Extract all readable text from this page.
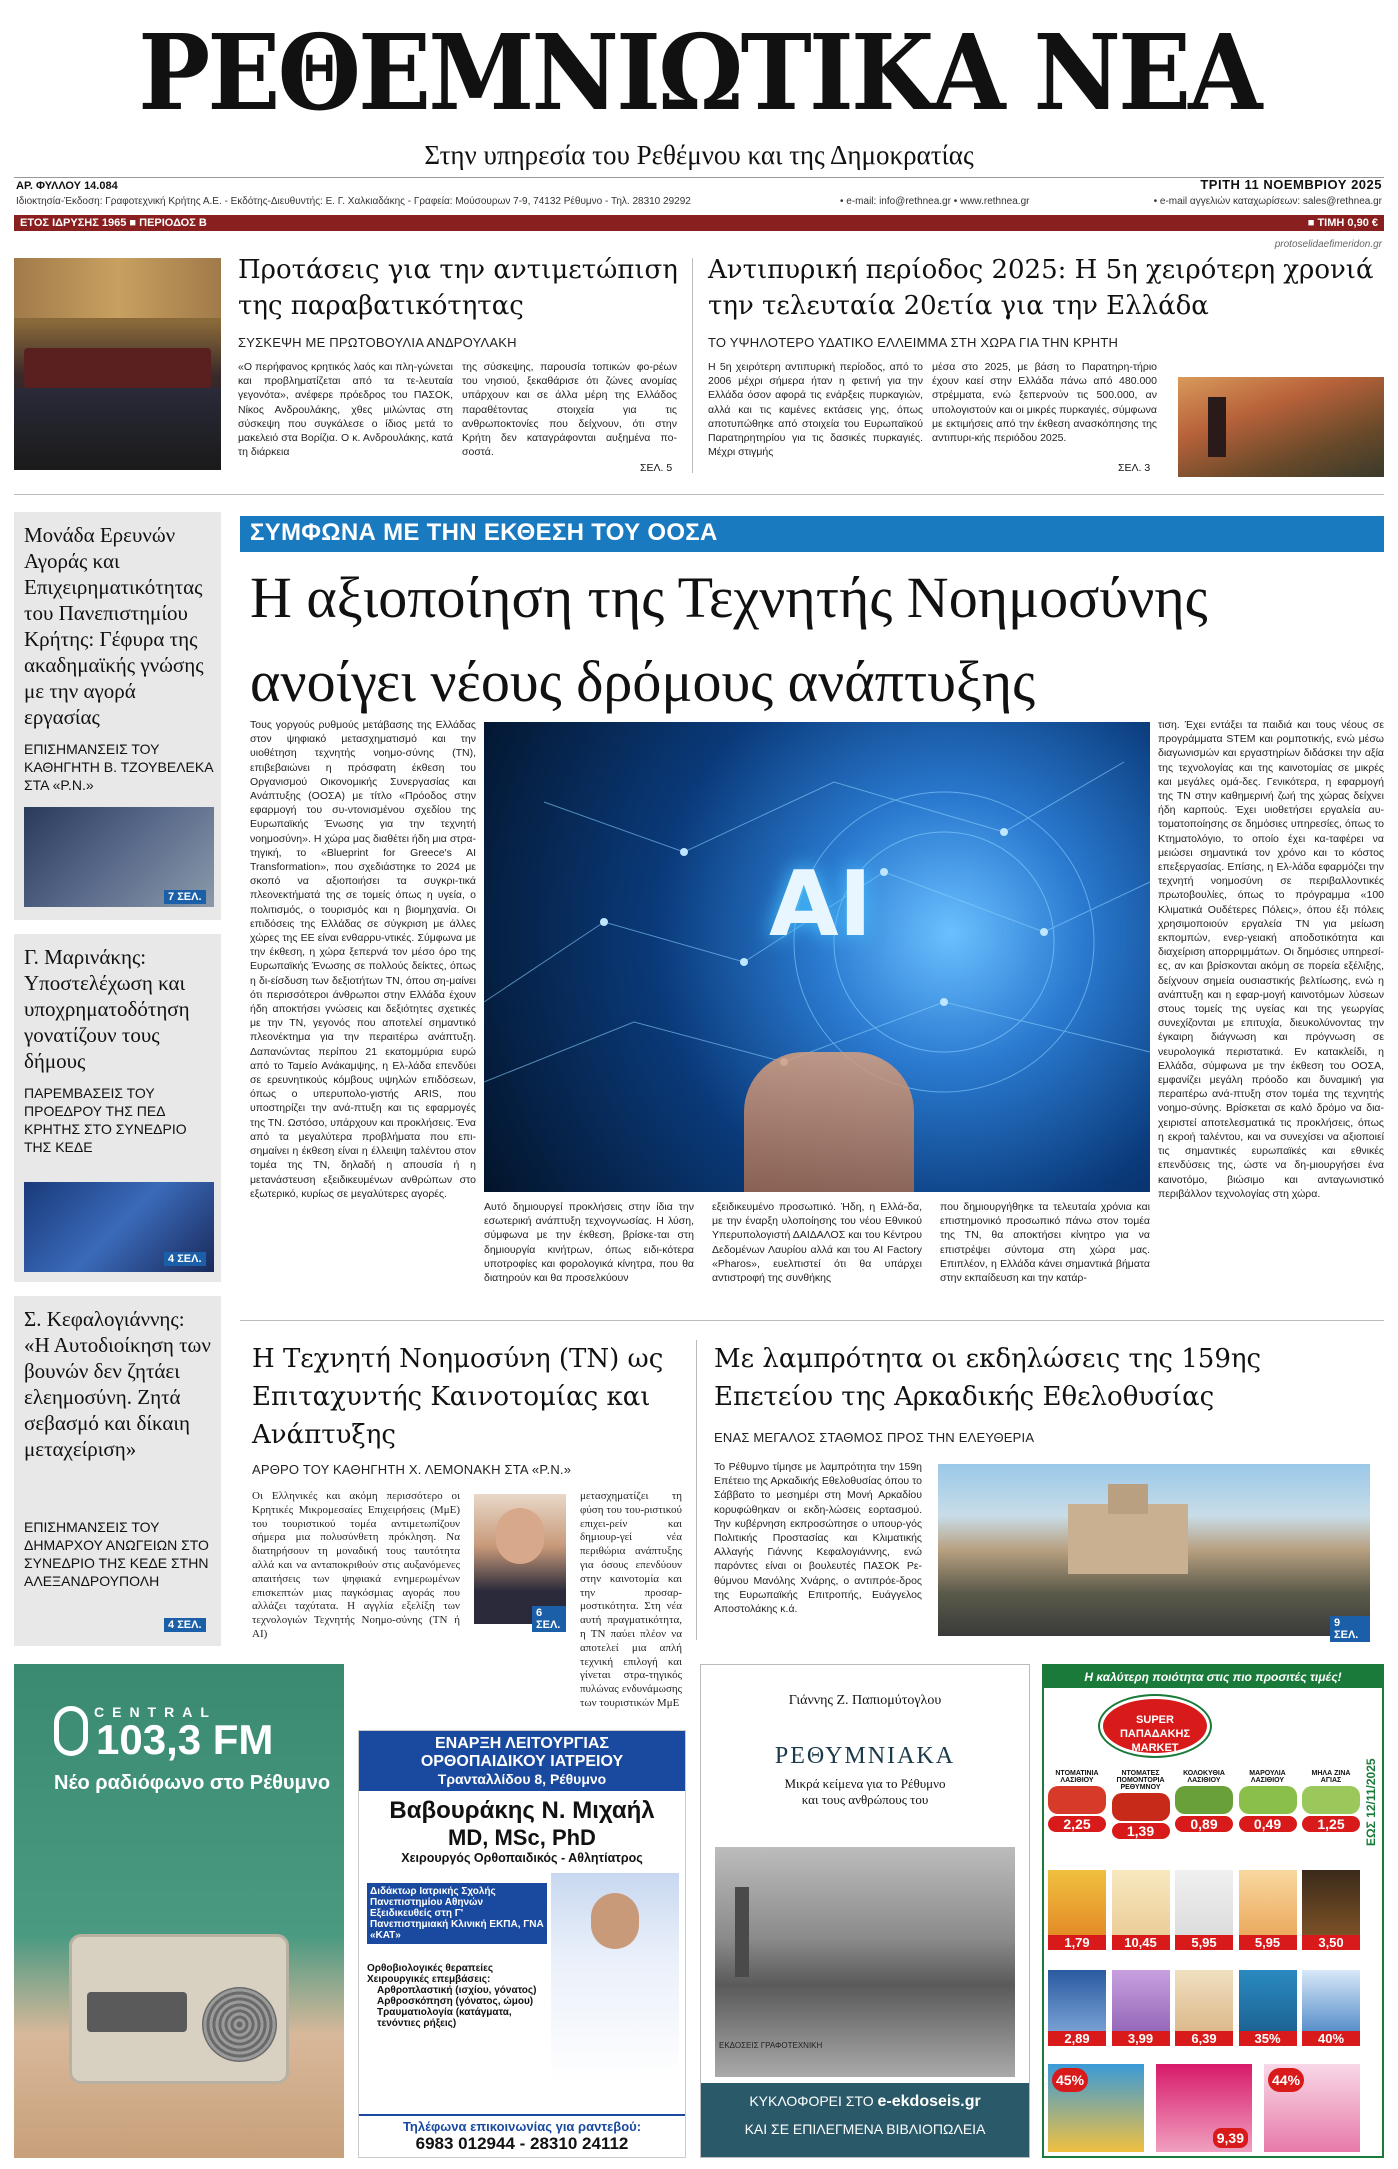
ΡΕΘΕΜΝΙΩΤΙΚΑ ΝΕΑ
Στην υπηρεσία του Ρεθέμνου και της Δημοκρατίας
ΑΡ. ΦΥΛΛΟΥ 14.084	ΤΡΙΤΗ 11 ΝΟΕΜΒΡΙΟΥ 2025
Ιδιοκτησία-Έκδοση: Γραφοτεχνική Κρήτης Α.Ε. - Εκδότης-Διευθυντής: Ε. Γ. Χαλκιαδάκης - Γραφεία: Μούσουρων 7-9, 74132 Ρέθυμνο - Τηλ. 28310 29292	• e-mail: info@rethnea.gr • www.rethnea.gr	• e-mail αγγελιών καταχωρίσεων: sales@rethnea.gr
ΕΤΟΣ ΙΔΡΥΣΗΣ 1965 ■ ΠΕΡΙΟΔΟΣ Β	■ ΤΙΜΗ 0,90 €
protoselidaefimeridon.gr
Προτάσεις για την αντιμετώπιση της παραβατικότητας
ΣΥΣΚΕΨΗ ΜΕ ΠΡΩΤΟΒΟΥΛΙΑ ΑΝΔΡΟΥΛΑΚΗ
«Ο περήφανος κρητικός λαός και πλη-γώνεται και προβληματίζεται από τα τε-λευταία γεγονότα», ανέφερε πρόεδρος του ΠΑΣΟΚ, Νίκος Ανδρουλάκης, χθες μιλώντας στη σύσκεψη που συγκάλεσε ο ίδιος μετά το μακελειό στα Βορίζια. Ο κ. Ανδρουλάκης, κατά τη διάρκεια
της σύσκεψης, παρουσία τοπικών φο-ρέων του νησιού, ξεκαθάρισε ότι ζώνες ανομίας υπάρχουν και σε άλλα μέρη της Ελλάδος παραθέτοντας στοιχεία για τις ανθρωποκτονίες που δείχνουν, ότι στην Κρήτη δεν καταγράφονται αυξημένα πο-σοστά.
ΣΕΛ. 5
Αντιπυρική περίοδος 2025: Η 5η χειρότερη χρονιά την τελευταία 20ετία για την Ελλάδα
ΤΟ ΥΨΗΛΟΤΕΡΟ ΥΔΑΤΙΚΟ ΕΛΛΕΙΜΜΑ ΣΤΗ ΧΩΡΑ ΓΙΑ ΤΗΝ ΚΡΗΤΗ
Η 5η χειρότερη αντιπυρική περίοδος, από το 2006 μέχρι σήμερα ήταν η φετινή για την Ελλάδα όσον αφορά τις ενάρξεις πυρκαγιών, αλλά και τις καμένες εκτάσεις γης, όπως αποτυπώθηκε από στοιχεία του Ευρωπαϊκού Παρατηρητηρίου για τις δασικές πυρκαγιές. Μέχρι στιγμής
μέσα στο 2025, με βάση το Παρατηρη-τήριο έχουν καεί στην Ελλάδα πάνω από 480.000 στρέμματα, ενώ ξεπερνούν τις 500.000, αν υπολογιστούν και οι μικρές πυρκαγιές, σύμφωνα με εκτιμήσεις από την έκθεση ανασκόπησης της αντιπυρι-κής περιόδου 2025.
ΣΕΛ. 3
Μονάδα Ερευνών Αγοράς και Επιχειρηματικότητας του Πανεπιστημίου Κρήτης: Γέφυρα της ακαδημαϊκής γνώσης με την αγορά εργασίας
ΕΠΙΣΗΜΑΝΣΕΙΣ ΤΟΥ ΚΑΘΗΓΗΤΗ Β. ΤΖΟΥΒΕΛΕΚΑ ΣΤΑ «Ρ.Ν.»
7 ΣΕΛ.
Γ. Μαρινάκης: Υποστελέχωση και υποχρηματοδότηση γονατίζουν τους δήμους
ΠΑΡΕΜΒΑΣΕΙΣ ΤΟΥ ΠΡΟΕΔΡΟΥ ΤΗΣ ΠΕΔ ΚΡΗΤΗΣ ΣΤΟ ΣΥΝΕΔΡΙΟ ΤΗΣ ΚΕΔΕ
4 ΣΕΛ.
Σ. Κεφαλογιάννης: «Η Αυτοδιοίκηση των βουνών δεν ζητάει ελεημοσύνη. Ζητά σεβασμό και δίκαιη μεταχείριση»
ΕΠΙΣΗΜΑΝΣΕΙΣ ΤΟΥ ΔΗΜΑΡΧΟΥ ΑΝΩΓΕΙΩΝ ΣΤΟ ΣΥΝΕΔΡΙΟ ΤΗΣ ΚΕΔΕ ΣΤΗΝ ΑΛΕΞΑΝΔΡΟΥΠΟΛΗ
4 ΣΕΛ.
ΣΥΜΦΩΝΑ ΜΕ ΤΗΝ ΕΚΘΕΣΗ ΤΟΥ ΟΟΣΑ
Η αξιοποίηση της Τεχνητής Νοημοσύνης ανοίγει νέους δρόμους ανάπτυξης
Τους γοργούς ρυθμούς μετάβασης της Ελλάδας στον ψηφιακό μετασχηματισμό και την υιοθέτηση τεχνητής νοημο-σύνης (ΤΝ), επιβεβαιώνει η πρόσφατη έκθεση του Οργανισμού Οικονομικής Συνεργασίας και Ανάπτυξης (ΟΟΣΑ) με τίτλο «Πρόοδος στην εφαρμογή του συ-ντονισμένου σχεδίου της Ευρωπαϊκής Ένωσης για την τεχνητή νοημοσύνη». Η χώρα μας διαθέτει ήδη μια στρα-τηγική, το «Blueprint for Greece's AI Transformation», που σχεδιάστηκε το 2024 με σκοπό να αξιοποιήσει τα συγκρι-τικά πλεονεκτήματά της σε τομείς όπως η υγεία, ο πολιτισμός, ο τουρισμός και η βιομηχανία. Οι επιδόσεις της Ελλάδας σε σύγκριση με άλλες χώρες της ΕΕ είναι ενθαρρυ-ντικές. Σύμφωνα με την έκθεση, η χώρα ξεπερνά τον μέσο όρο της Ευρωπαϊκής Ένωσης σε πολλούς δείκτες, όπως η δι-είσδυση των δεξιοτήτων ΤΝ, όπου ση-μαίνει ότι περισσότεροι άνθρωποι στην Ελλάδα έχουν ήδη αποκτήσει γνώσεις και δεξιότητες σχετικές με την ΤΝ, γεγονός που αποτελεί σημαντικό πλεονέκτημα για την περαιτέρω ανάπτυξη. Δαπανώντας περίπου 21 εκατομμύρια ευρώ από το Ταμείο Ανάκαμψης, η Ελ-λάδα επενδύει σε ερευνητικούς κόμβους υψηλών επιδόσεων, όπως ο υπερυπολο-γιστής ARIS, που υποστηρίζει την ανά-πτυξη και τις εφαρμογές της ΤΝ. Ωστόσο, υπάρχουν και προκλήσεις. Ένα από τα μεγαλύτερα προβλήματα που επι-σημαίνει η έκθεση είναι η έλλειψη ταλέντου στον τομέα της ΤΝ, δηλαδή η απουσία ή η μετανάστευση εξειδικευμένων ανθρώπων στο εξωτερικό, κυρίως σε μεγαλύτερες αγορές.
AI
Αυτό δημιουργεί προκλήσεις στην ίδια την εσωτερική ανάπτυξη τεχνογνωσίας. Η λύση, σύμφωνα με την έκθεση, βρίσκε-ται στη δημιουργία κινήτρων, όπως ειδι-κότερα υποτροφίες και φορολογικά κίνητρα, που θα διατηρούν και θα προσελκύουν
εξειδικευμένο προσωπικό. Ήδη, η Ελλά-δα, με την έναρξη υλοποίησης του νέου Εθνικού Υπερυπολογιστή ΔΑΙΔΑΛΟΣ και του Κέντρου Δεδομένων Λαυρίου αλλά και του AI Factory «Pharos», ευελπιστεί ότι θα υπάρχει αντιστροφή της συνθήκης
που δημιουργήθηκε τα τελευταία χρόνια και επιστημονικό προσωπικό πάνω στον τομέα της ΤΝ, θα αποκτήσει κίνητρο για να επιστρέψει σύντομα στη χώρα μας. Επιπλέον, η Ελλάδα κάνει σημαντικά βήματα στην εκπαίδευση και την κατάρ-
τιση. Έχει εντάξει τα παιδιά και τους νέους σε προγράμματα STEM και ρομποτικής, ενώ μέσω διαγωνισμών και εργαστηρίων διδάσκει την αξία της τεχνολογίας και της καινοτομίας σε μικρές και μεγάλες ομά-δες. Γενικότερα, η εφαρμογή της ΤΝ στην καθημερινή ζωή της χώρας δείχνει ήδη καρπούς. Έχει υιοθετήσει εργαλεία αυ-τοματοποίησης σε δημόσιες υπηρεσίες, όπως το Κτηματολόγιο, το οποίο έχει κα-ταφέρει να μειώσει σημαντικά τον χρόνο και το κόστος επεξεργασίας. Επίσης, η Ελ-λάδα εφαρμόζει την τεχνητή νοημοσύνη σε περιβαλλοντικές πρωτοβουλίες, όπως το πρόγραμμα «100 Κλιματικά Ουδέτερες Πόλεις», όπου έξι πόλεις χρησιμοποιούν εργαλεία ΤΝ για μείωση εκπομπών, ενερ-γειακή αποδοτικότητα και διαχείριση απορριμμάτων. Οι δημόσιες υπηρεσί-ες, αν και βρίσκονται ακόμη σε πορεία εξέλιξης, δείχνουν σημεία ουσιαστικής βελτίωσης, ενώ η ανάπτυξη και η εφαρ-μογή καινοτόμων λύσεων στους τομείς της υγείας και της γεωργίας συνεχίζονται με επιτυχία, διευκολύνοντας την έγκαιρη διάγνωση και πρόγνωση σε νευρολογικά περιστατικά. Εν κατακλείδι, η Ελλάδα, σύμφωνα με την έκθεση του ΟΟΣΑ, εμφανίζει μεγάλη πρόοδο και δυναμική για περαιτέρω ανά-πτυξη στον τομέα της τεχνητής νοημο-σύνης. Βρίσκεται σε καλό δρόμο να δια-χειριστεί αποτελεσματικά τις προκλήσεις, όπως η εκροή ταλέντου, και να συνεχίσει να αξιοποιεί τις σημαντικές ευρωπαϊκές και εθνικές επενδύσεις της, ώστε να δη-μιουργήσει ένα καινοτόμο, βιώσιμο και ανταγωνιστικό περιβάλλον τεχνολογίας στη χώρα.
Η Τεχνητή Νοημοσύνη (ΤΝ) ως Επιταχυντής Καινοτομίας και Ανάπτυξης
ΑΡΘΡΟ ΤΟΥ ΚΑΘΗΓΗΤΗ Χ. ΛΕΜΟΝΑΚΗ ΣΤΑ «Ρ.Ν.»
Οι Ελληνικές και ακόμη περισσότερο οι Κρητικές Μικρομεσαίες Επιχειρήσεις (ΜμΕ) του τουριστικού τομέα αντιμετωπίζουν σήμερα μια πολυσύνθετη πρόκληση. Να διατηρήσουν τη μοναδική τους ταυτότητα αλλά και να ανταποκριθούν στις αυξανόμενες απαιτήσεις των ψηφιακά ενημερωμένων επισκεπτών μιας παγκόσμιας αγοράς που αλλάζει ταχύτατα. Η αγγλία εξελίξη των τεχνολογιών Τεχνητής Νοημο-σύνης (ΤΝ ή AI)
6 ΣΕΛ.
μετασχηματίζει τη φύση του του-ριστικού επιχει-ρείν και δημιουρ-γεί νέα περιθώρια ανάπτυξης για όσους επενδύουν στην καινοτομία και την προσαρ-μοστικότητα. Στη νέα αυτή πραγματικότητα, η ΤΝ παύει πλέον να αποτελεί μια απλή τεχνική επιλογή και γίνεται στρα-τηγικός πυλώνας ενδυνάμωσης των τουριστικών ΜμΕ
Με λαμπρότητα οι εκδηλώσεις της 159ης Επετείου της Αρκαδικής Εθελοθυσίας
ΕΝΑΣ ΜΕΓΑΛΟΣ ΣΤΑΘΜΟΣ ΠΡΟΣ ΤΗΝ ΕΛΕΥΘΕΡΙΑ
Το Ρέθυμνο τίμησε με λαμπρότητα την 159η Επέτειο της Αρκαδικής Εθελοθυσίας όπου το Σάββατο το μεσημέρι στη Μονή Αρκαδίου κορυφώθηκαν οι εκδη-λώσεις εορτασμού. Την κυβέρνηση εκπροσώπησε ο υπουρ-γός Πολιτικής Προστασίας και Κλιματικής Αλλαγής Γιάννης Κεφαλογιάννης, ενώ παρόντες είναι οι βουλευτές ΠΑΣΟΚ Ρε-θύμνου Μανόλης Χνάρης, ο αντιπρόε-δρος της Ευρωπαϊκής Επιτροπής, Ευάγγελος Αποστολάκης κ.ά.
9 ΣΕΛ.
CENTRAL
103,3 FM
Νέο ραδιόφωνο στο Ρέθυμνο
ΕΝΑΡΞΗ ΛΕΙΤΟΥΡΓΙΑΣ
ΟΡΘΟΠΑΙΔΙΚΟΥ ΙΑΤΡΕΙΟΥ
Τρανταλλίδου 8, Ρέθυμνο
Βαβουράκης Ν. Μιχαήλ
MD, MSc, PhD
Χειρουργός Ορθοπαιδικός - Αθλητίατρος
Διδάκτωρ Ιατρικής Σχολής Πανεπιστημίου Αθηνών Εξειδικευθείς στη Γ' Πανεπιστημιακή Κλινική ΕΚΠΑ, ΓΝΑ «ΚΑΤ»
Ορθοβιολογικές θεραπείες
Χειρουργικές επεμβάσεις:
Αρθροπλαστική (ισχίου, γόνατος)
Αρθροσκόπηση (γόνατος, ώμου)
Τραυματιολογία (κατάγματα, τενόντιες ρήξεις)
Τηλέφωνα επικοινωνίας για ραντεβού:
6983 012944 - 28310 24112
Γιάννης Ζ. Παπιομύτογλου
ΡΕΘΥΜΝΙΑΚΑ
Μικρά κείμενα για το Ρέθυμνο και τους ανθρώπους του
ΕΚΔΟΣΕΙΣ ΓΡΑΦΟΤΕΧΝΙΚΗ
ΚΥΚΛΟΦΟΡΕΙ ΣΤΟ e-ekdoseis.gr
ΚΑΙ ΣΕ ΕΠΙΛΕΓΜΕΝΑ ΒΙΒΛΙΟΠΩΛΕΙΑ
Η καλύτερη ποιότητα στις πιο προσιτές τιμές!
SUPER ΠΑΠΑΔΑΚΗΣ MARKET
ΕΩΣ 12/11/2025
ΝΤΟΜΑΤΙΝΙΑ ΛΑΣΙΘΙΟΥ
2,25
ΝΤΟΜΑΤΕΣ ΠΟΜΟΝΤΟΡΙΑ ΡΕΘΥΜΝΟΥ
1,39
ΚΟΛΟΚΥΘΙΑ ΛΑΣΙΘΙΟΥ
0,89
ΜΑΡΟΥΛΙΑ ΛΑΣΙΘΙΟΥ
0,49
ΜΗΛΑ ΖΙΝΑ ΑΓΙΑΣ
1,25
1,79	10,45	5,95	5,95	3,50
2,89	3,99	6,39	35%	40%
45%
9,39
44%
